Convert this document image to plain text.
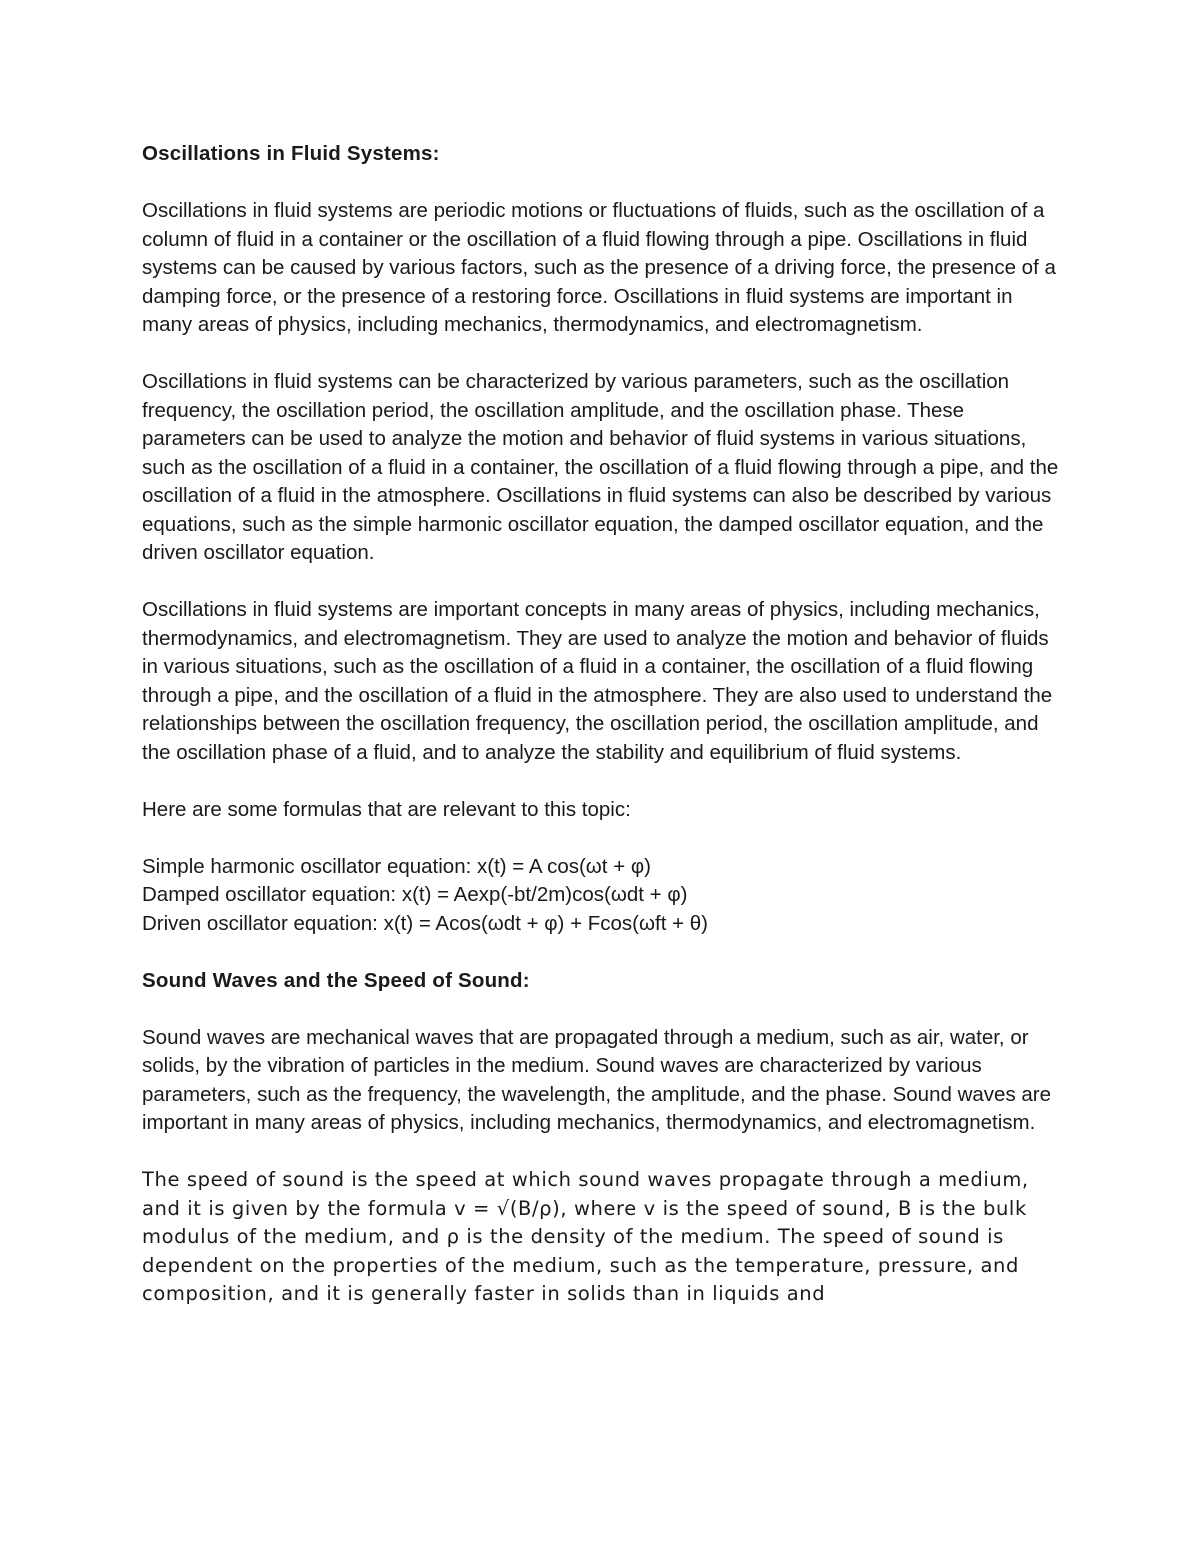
Oscillations in Fluid Systems:

Oscillations in fluid systems are periodic motions or fluctuations of fluids, such as the oscillation of a column of fluid in a container or the oscillation of a fluid flowing through a pipe. Oscillations in fluid systems can be caused by various factors, such as the presence of a driving force, the presence of a damping force, or the presence of a restoring force. Oscillations in fluid systems are important in many areas of physics, including mechanics, thermodynamics, and electromagnetism.

Oscillations in fluid systems can be characterized by various parameters, such as the oscillation frequency, the oscillation period, the oscillation amplitude, and the oscillation phase. These parameters can be used to analyze the motion and behavior of fluid systems in various situations, such as the oscillation of a fluid in a container, the oscillation of a fluid flowing through a pipe, and the oscillation of a fluid in the atmosphere. Oscillations in fluid systems can also be described by various equations, such as the simple harmonic oscillator equation, the damped oscillator equation, and the driven oscillator equation.

Oscillations in fluid systems are important concepts in many areas of physics, including mechanics, thermodynamics, and electromagnetism. They are used to analyze the motion and behavior of fluids in various situations, such as the oscillation of a fluid in a container, the oscillation of a fluid flowing through a pipe, and the oscillation of a fluid in the atmosphere. They are also used to understand the relationships between the oscillation frequency, the oscillation period, the oscillation amplitude, and the oscillation phase of a fluid, and to analyze the stability and equilibrium of fluid systems.

Here are some formulas that are relevant to this topic:

Simple harmonic oscillator equation: x(t) = A cos(ωt + φ)
Damped oscillator equation: x(t) = Aexp(-bt/2m)cos(ωdt + φ)
Driven oscillator equation: x(t) = Acos(ωdt + φ) + Fcos(ωft + θ)
Sound Waves and the Speed of Sound:

Sound waves are mechanical waves that are propagated through a medium, such as air, water, or solids, by the vibration of particles in the medium. Sound waves are characterized by various parameters, such as the frequency, the wavelength, the amplitude, and the phase. Sound waves are important in many areas of physics, including mechanics, thermodynamics, and electromagnetism.

The speed of sound is the speed at which sound waves propagate through a medium, and it is given by the formula v = √(B/ρ), where v is the speed of sound, B is the bulk modulus of the medium, and ρ is the density of the medium. The speed of sound is dependent on the properties of the medium, such as the temperature, pressure, and composition, and it is generally faster in solids than in liquids and
